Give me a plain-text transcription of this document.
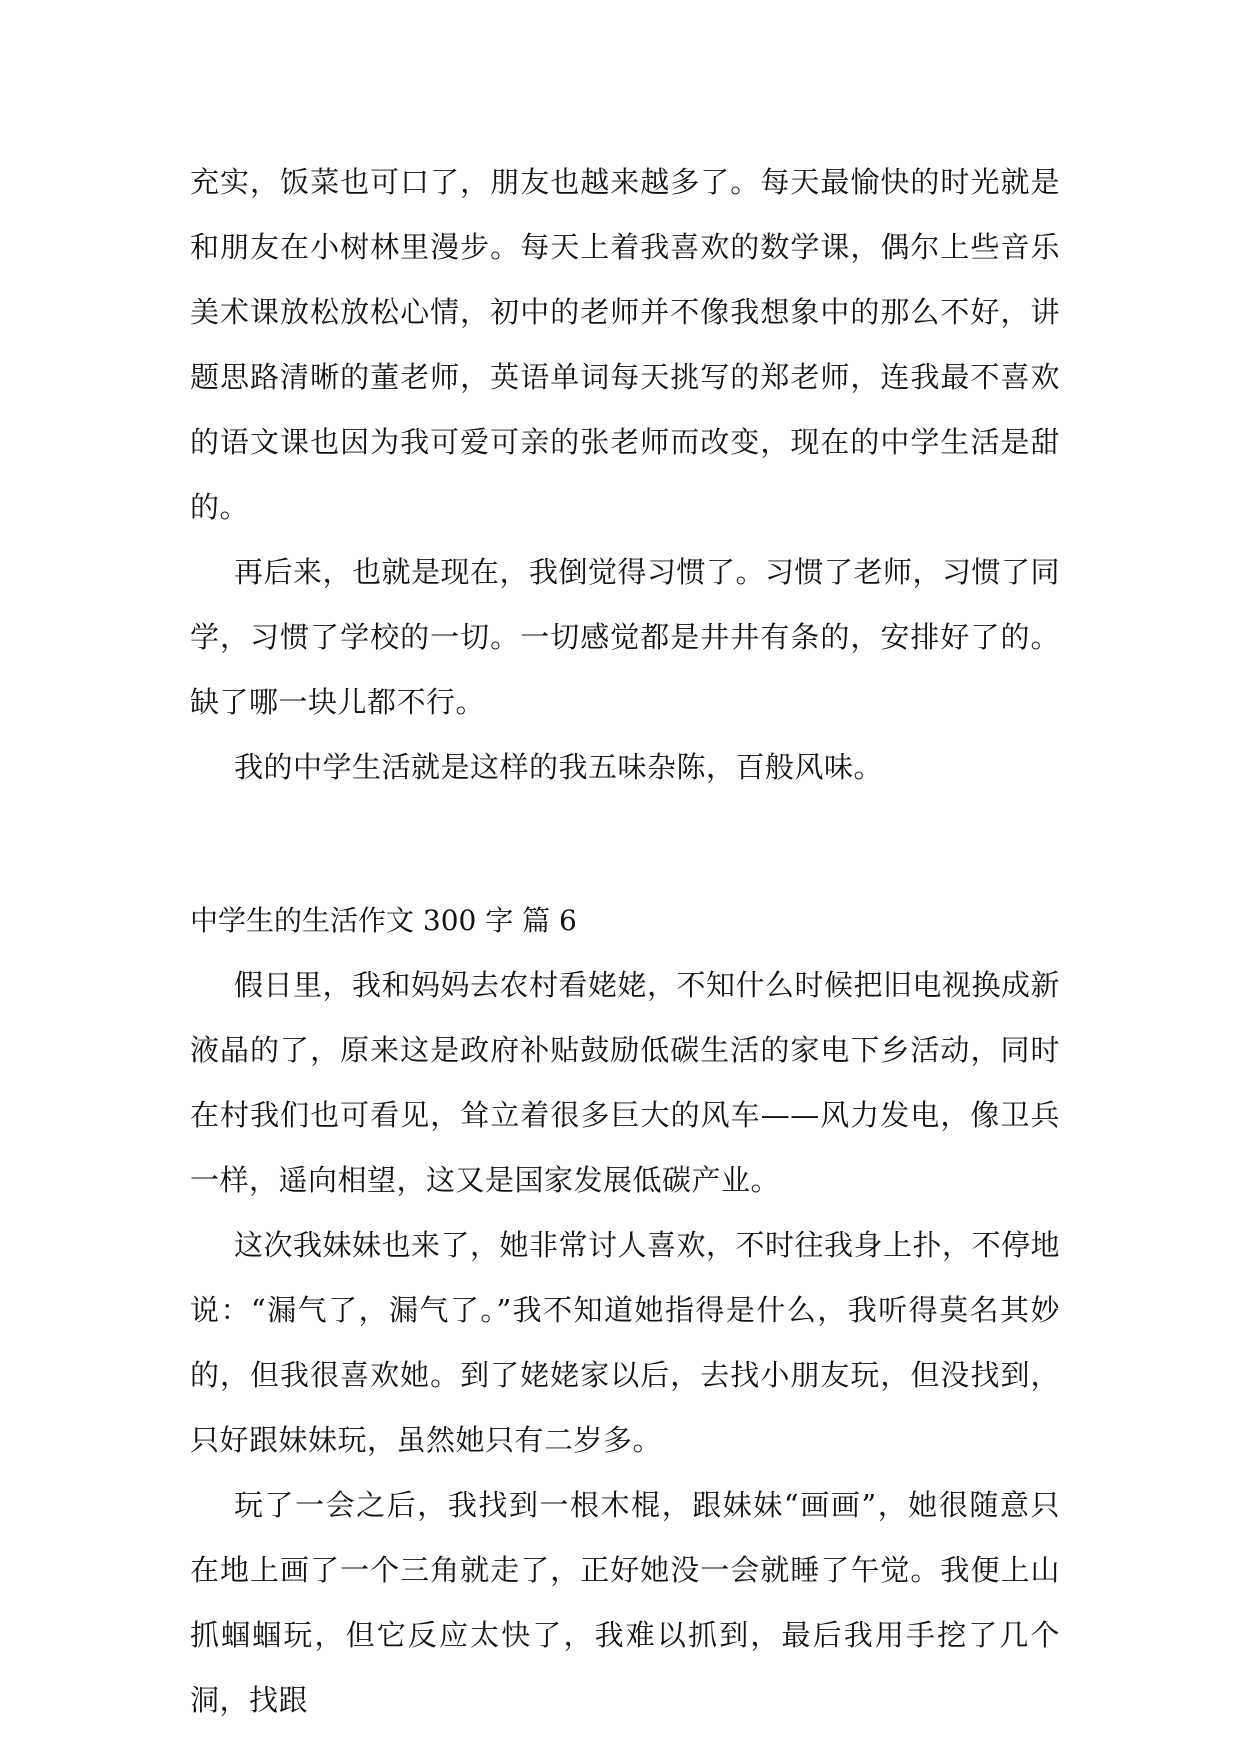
充实，饭菜也可口了，朋友也越来越多了。每天最愉快的时光就是和朋友在小树林里漫步。每天上着我喜欢的数学课，偶尔上些音乐美术课放松放松心情，初中的老师并不像我想象中的那么不好，讲题思路清晰的董老师，英语单词每天挑写的郑老师，连我最不喜欢的语文课也因为我可爱可亲的张老师而改变，现在的中学生活是甜的。

再后来，也就是现在，我倒觉得习惯了。习惯了老师，习惯了同学，习惯了学校的一切。一切感觉都是井井有条的，安排好了的。缺了哪一块儿都不行。

我的中学生活就是这样的我五味杂陈，百般风味。

中学生的生活作文 300 字 篇 6

假日里，我和妈妈去农村看姥姥，不知什么时候把旧电视换成新液晶的了，原来这是政府补贴鼓励低碳生活的家电下乡活动，同时在村我们也可看见，耸立着很多巨大的风车——风力发电，像卫兵一样，遥向相望，这又是国家发展低碳产业。

这次我妹妹也来了，她非常讨人喜欢，不时往我身上扑，不停地说：“漏气了，漏气了。”我不知道她指得是什么，我听得莫名其妙的，但我很喜欢她。到了姥姥家以后，去找小朋友玩，但没找到，只好跟妹妹玩，虽然她只有二岁多。

玩了一会之后，我找到一根木棍，跟妹妹“画画”，她很随意只在地上画了一个三角就走了，正好她没一会就睡了午觉。我便上山抓蝈蝈玩，但它反应太快了，我难以抓到，最后我用手挖了几个洞，找跟
